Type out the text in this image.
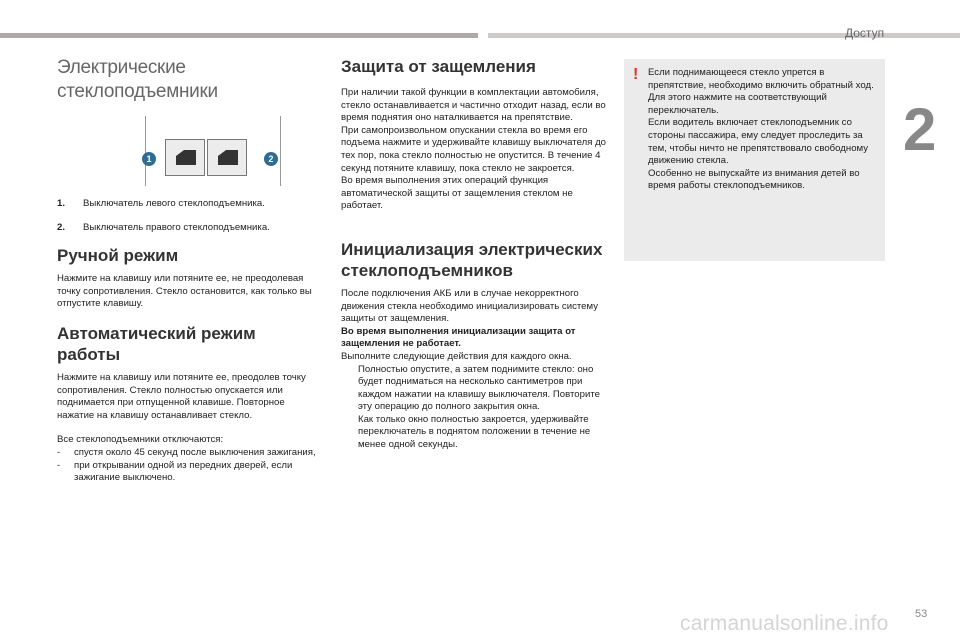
Доступ
2
53
carmanualsonline.info
Электрические стеклоподъемники
1	2
1. Выключатель левого стеклоподъемника.
2. Выключатель правого стеклоподъемника.
Ручной режим

Нажмите на клавишу или потяните ее, не преодолевая точку сопротивления. Стекло остановится, как только вы отпустите клавишу.

Автоматический режим работы

Нажмите на клавишу или потяните ее, преодолев точку сопротивления. Стекло полностью опускается или поднимается при отпущенной клавише. Повторное нажатие на клавишу останавливает стекло.

Все стеклоподъемники отключаются:

- спустя около 45 секунд после выключения зажигания,
- при открывании одной из передних дверей, если зажигание выключено.
Защита от защемления

При наличии такой функции в комплектации автомобиля, стекло останавливается и частично отходит назад, если во время поднятия оно наталкивается на препятствие.

При самопроизвольном опускании стекла во время его подъема нажмите и удерживайте клавишу выключателя до тех пор, пока стекло полностью не опустится. В течение 4 секунд потяните клавишу, пока стекло не закроется.

Во время выполнения этих операций функция автоматической защиты от защемления стеклом не работает.

Инициализация электрических стеклоподъемников

После подключения АКБ или в случае некорректного движения стекла необходимо инициализировать систему защиты от защемления.

Во время выполнения инициализации защита от защемления не работает.

Выполните следующие действия для каждого окна.

Полностью опустите, а затем поднимите стекло: оно будет подниматься на несколько сантиметров при каждом нажатии на клавишу выключателя. Повторите эту операцию до полного закрытия окна.
Как только окно полностью закроется, удерживайте переключатель в поднятом положении в течение не менее одной секунды.
! Если поднимающееся стекло упрется в препятствие, необходимо включить обратный ход. Для этого нажмите на соответствующий переключатель.

Если водитель включает стеклоподъемник со стороны пассажира, ему следует проследить за тем, чтобы ничто не препятствовало свободному движению стекла.

Особенно не выпускайте из внимания детей во время работы стеклоподъемников.
